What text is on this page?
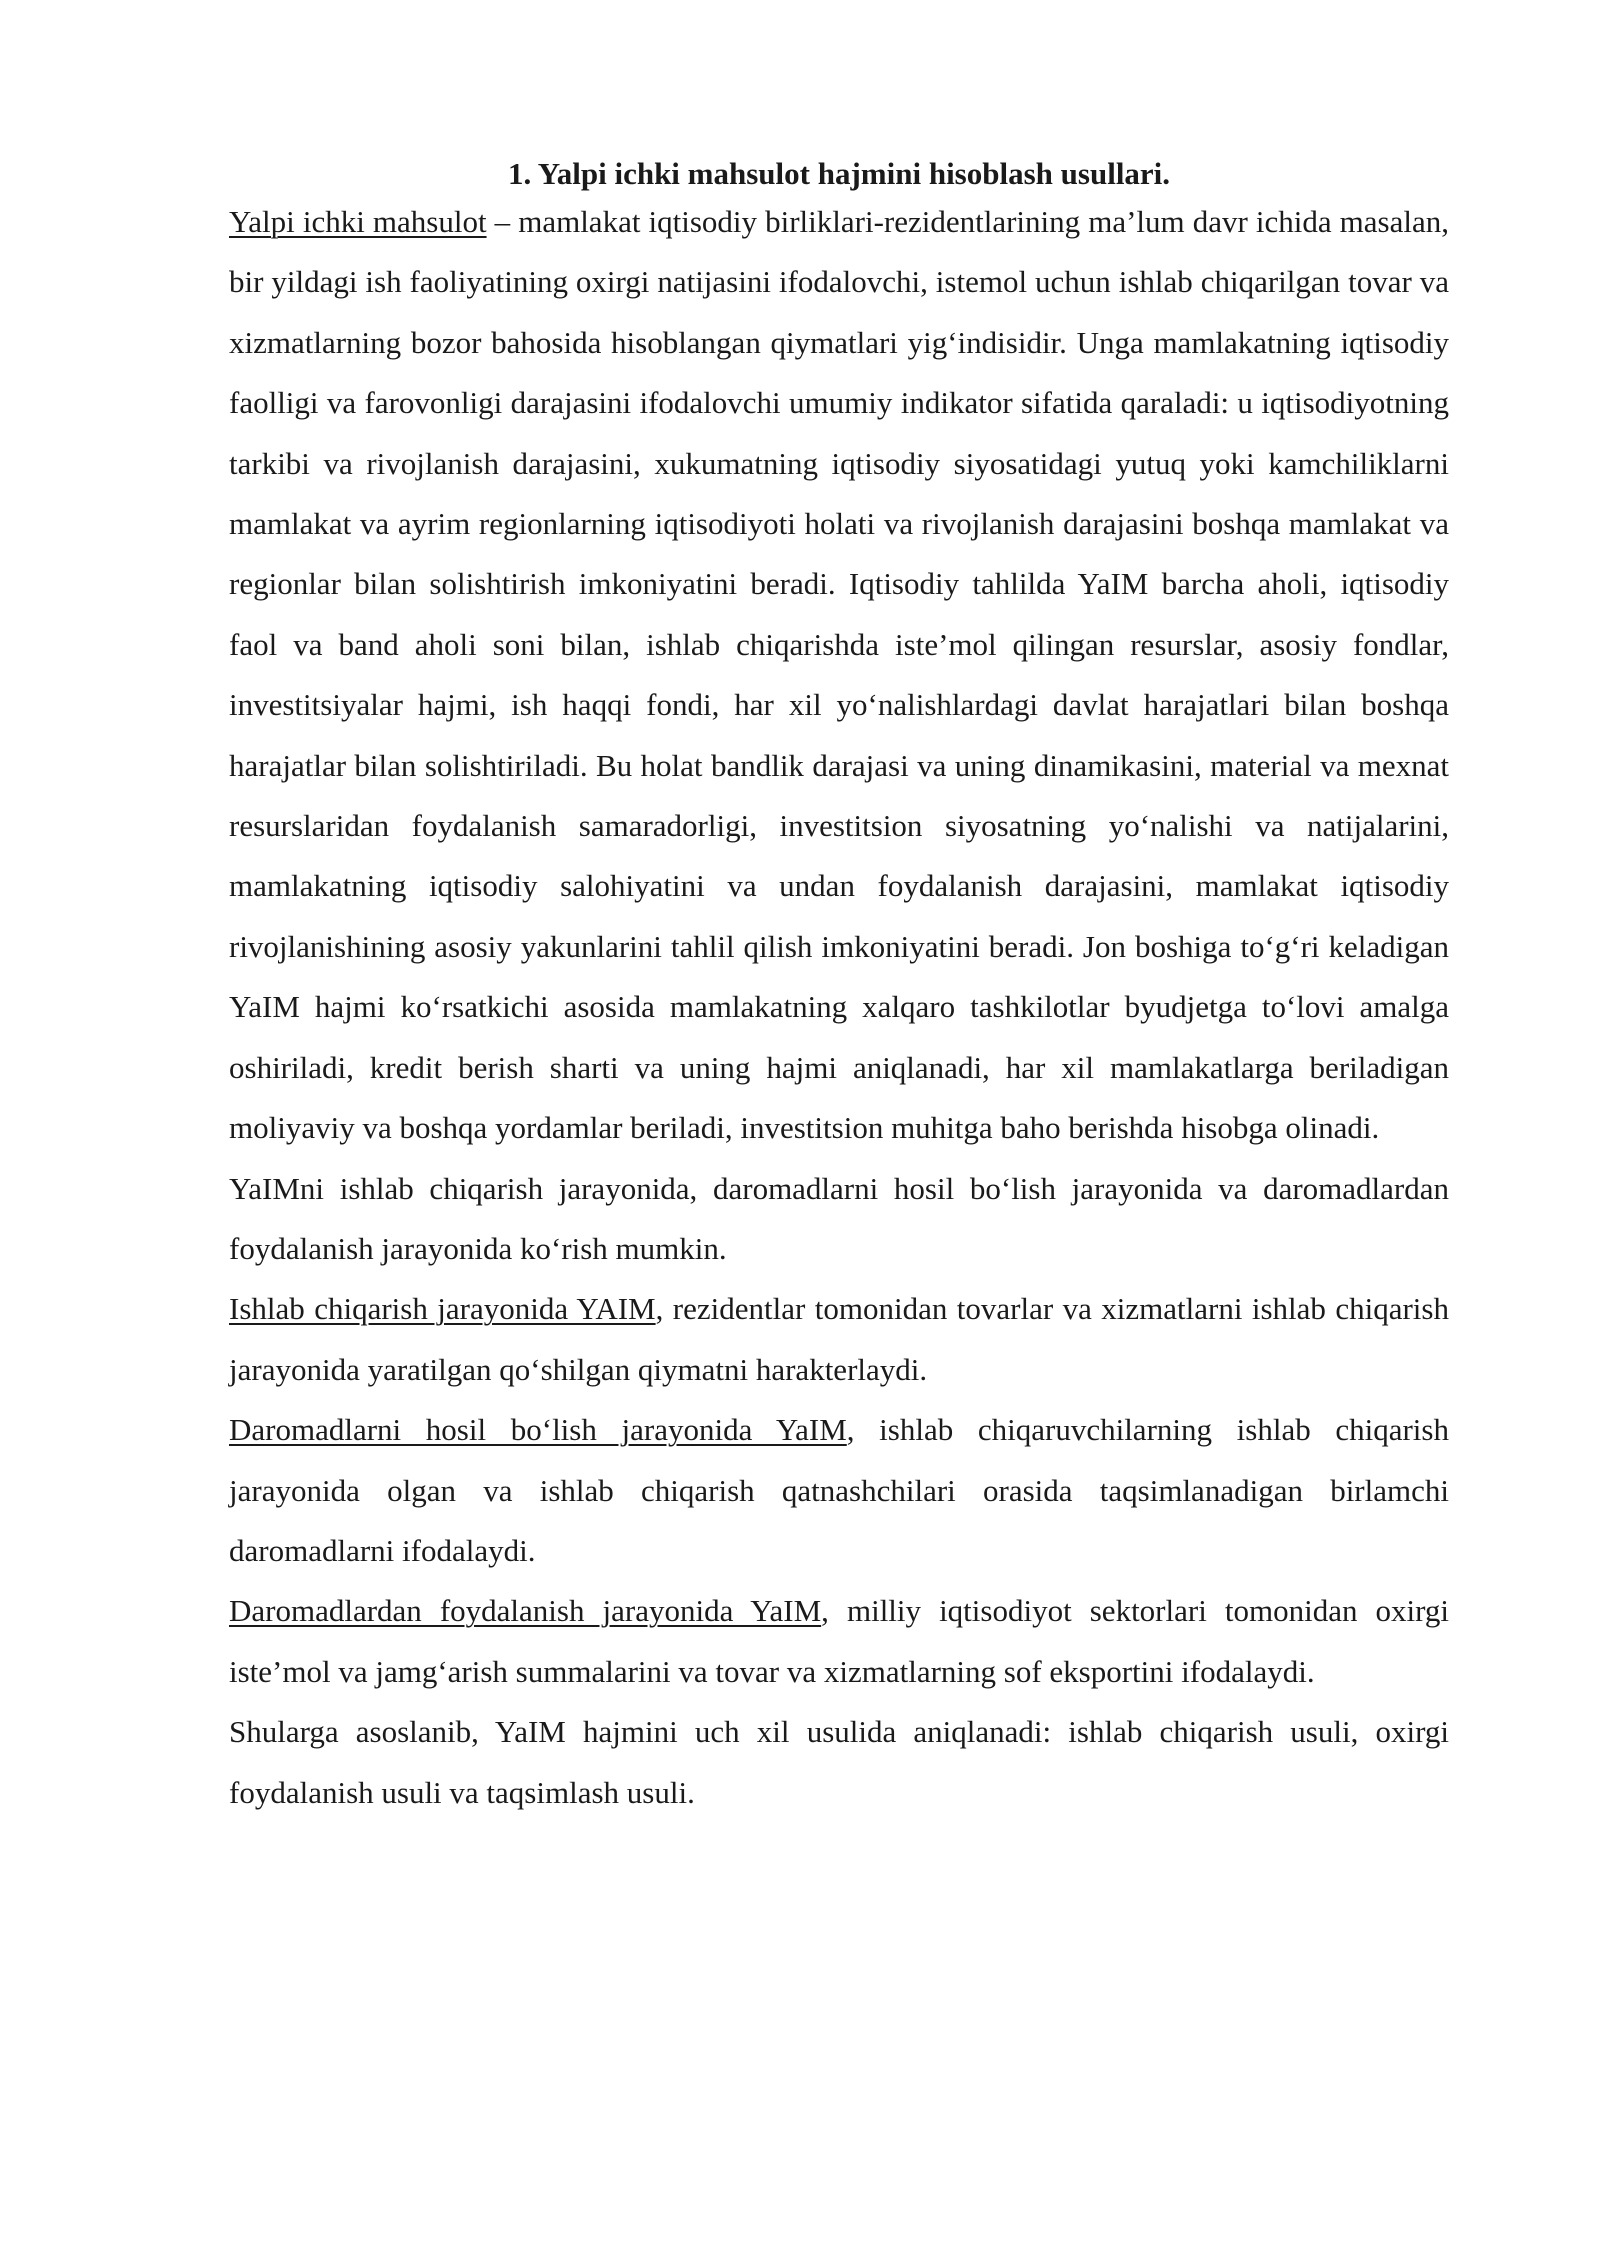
1. Yalpi ichki mahsulot hajmini hisoblash usullari.

Yalpi ichki mahsulot – mamlakat iqtisodiy birliklari-rezidentlarining ma’lum davr ichida masalan, bir yildagi ish faoliyatining oxirgi natijasini ifodalovchi, istemol uchun ishlab chiqarilgan tovar va xizmatlarning bozor bahosida hisoblangan qiymatlari yig‘indisidir. Unga mamlakatning iqtisodiy faolligi va farovonligi darajasini ifodalovchi umumiy indikator sifatida qaraladi: u iqtisodiyotning tarkibi va rivojlanish darajasini, xukumatning iqtisodiy siyosatidagi yutuq yoki kamchiliklarni mamlakat va ayrim regionlarning iqtisodiyoti holati va rivojlanish darajasini boshqa mamlakat va regionlar bilan solishtirish imkoniyatini beradi. Iqtisodiy tahlilda YaIM barcha aholi, iqtisodiy faol va band aholi soni bilan, ishlab chiqarishda iste’mol qilingan resurslar, asosiy fondlar, investitsiyalar hajmi, ish haqqi fondi, har xil yo‘nalishlardagi davlat harajatlari bilan boshqa harajatlar bilan solishtiriladi. Bu holat bandlik darajasi va uning dinamikasini, material va mexnat resurslaridan foydalanish samaradorligi, investitsion siyosatning yo‘nalishi va natijalarini, mamlakatning iqtisodiy salohiyatini va undan foydalanish darajasini, mamlakat iqtisodiy rivojlanishining asosiy yakunlarini tahlil qilish imkoniyatini beradi. Jon boshiga to‘g‘ri keladigan YaIM hajmi ko‘rsatkichi asosida mamlakatning xalqaro tashkilotlar byudjetga to‘lovi amalga oshiriladi, kredit berish sharti va uning hajmi aniqlanadi, har xil mamlakatlarga beriladigan moliyaviy va boshqa yordamlar beriladi, investitsion muhitga baho berishda hisobga olinadi.

YaIMni ishlab chiqarish jarayonida, daromadlarni hosil bo‘lish jarayonida va daromadlardan foydalanish jarayonida ko‘rish mumkin.

Ishlab chiqarish jarayonida YAIM, rezidentlar tomonidan tovarlar va xizmatlarni ishlab chiqarish jarayonida yaratilgan qo‘shilgan qiymatni harakterlaydi.

Daromadlarni hosil bo‘lish jarayonida YaIM, ishlab chiqaruvchilarning ishlab chiqarish jarayonida olgan va ishlab chiqarish qatnashchilari orasida taqsimlanadigan birlamchi daromadlarni ifodalaydi.

Daromadlardan foydalanish jarayonida YaIM, milliy iqtisodiyot sektorlari tomonidan oxirgi iste’mol va jamg‘arish summalarini va tovar va xizmatlarning sof eksportini ifodalaydi.

Shularga asoslanib, YaIM hajmini uch xil usulida aniqlanadi: ishlab chiqarish usuli, oxirgi foydalanish usuli va taqsimlash usuli.
